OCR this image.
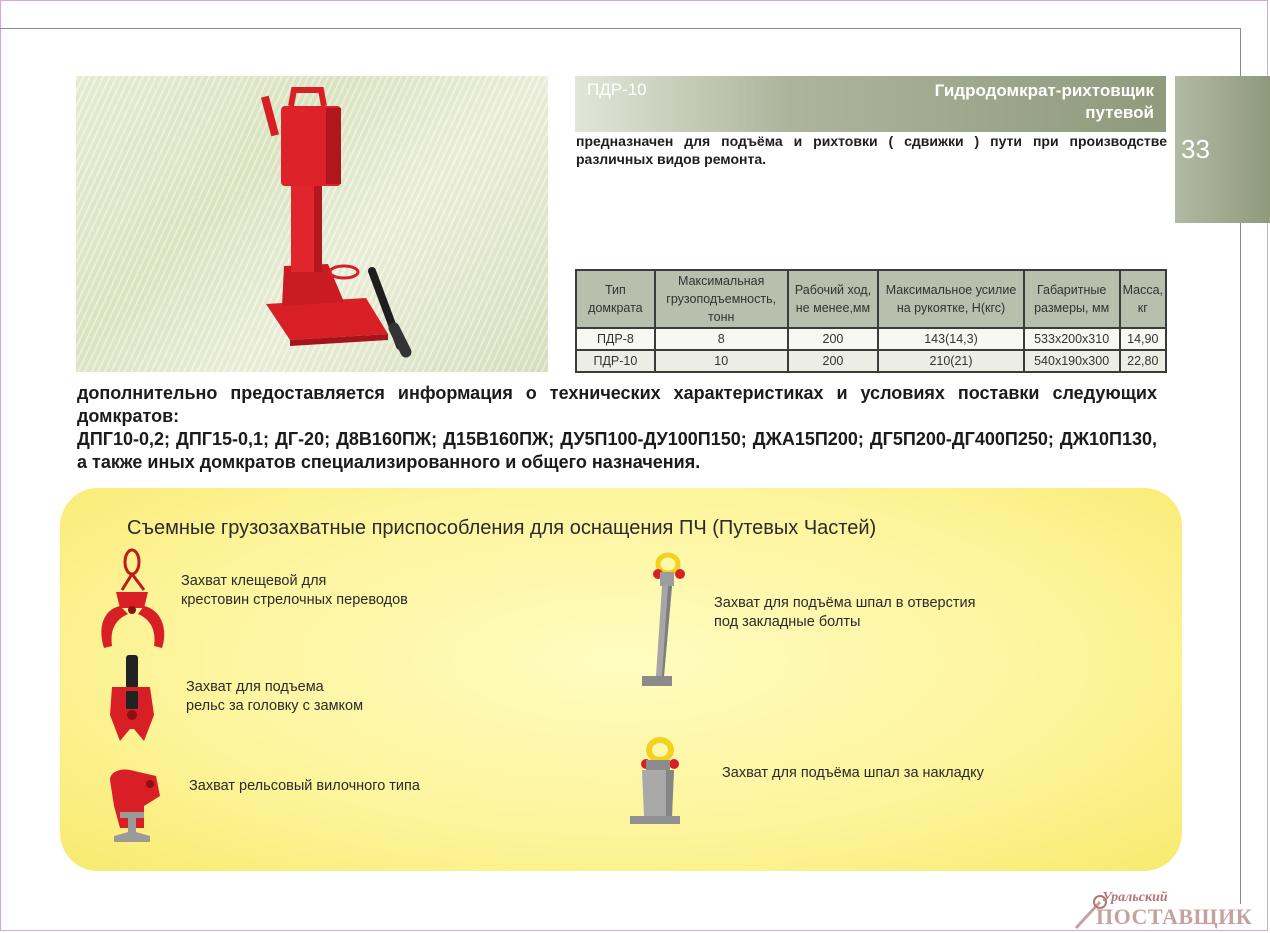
ПДР-10	Гидродомкрат-рихтовщик
путевой
33
предназначен для подъёма и рихтовки ( сдвижки ) пути при производстве различных видов ремонта.
Тип домкрата	Максимальная грузоподъемность, тонн	Рабочий ход, не менее,мм	Максимальное усилие на рукоятке, Н(кгс)	Габаритные размеры, мм	Масса, кг
ПДР-8	8	200	143(14,3)	533х200х310	14,90
ПДР-10	10	200	210(21)	540х190х300	22,80
дополнительно предоставляется информация о технических характеристиках и условиях поставки следующих домкратов:
ДПГ10-0,2; ДПГ15-0,1; ДГ-20; Д8В160ПЖ; Д15В160ПЖ; ДУ5П100-ДУ100П150; ДЖА15П200; ДГ5П200-ДГ400П250; ДЖ10П130, а также иных домкратов специализированного и общего назначения.
Съемные грузозахватные приспособления для оснащения ПЧ (Путевых Частей)
Захват клещевой для
крестовин стрелочных переводов
Захват для подъема
рельс за головку с замком
Захват рельсовый вилочного типа
Захват для подъёма шпал в отверстия
под закладные болты
Захват для подъёма шпал за накладку
Уральский
ПОСТАВЩИК
